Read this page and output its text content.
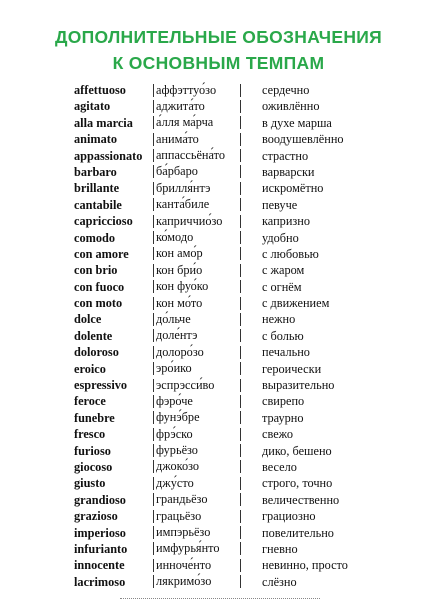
ДОПОЛНИТЕЛЬНЫЕ ОБОЗНАЧЕНИЯ
К ОСНОВНЫМ ТЕМПАМ
affettuoso аффэттуо́зо	сердечно
agitato	аджита́то	оживлённо
alla marcia а́лля ма́рча	в духе марша
animato	анима́то	воодушевлённо
appassionato аппассьёна́то	страстно
barbaro	ба́рбаро	варварски
brillante	брилля́нтэ	искромётно
cantabile	канта́биле	певуче
capriccioso каприччио́зо	капризно
comodo	ко́модо	удобно
con amore кон амо́р	с любовью
con brio	кон бри́о	с жаром
con fuoco	кон фуо́ко	с огнём
con moto	кон мо́то	с движением
dolce	до́льче	нежно
dolente	доле́нтэ	с болью
doloroso	долоро́зо	печально
eroico	эро́ико	героически
espressivo эспрэсси́во	выразительно
feroce	фэро́че	свирепо
funebre	фунэ́бре	траурно
fresco	фрэ́ско	свежо
furioso	фурьёзо	дико, бешено
giocoso	джоко́зо	весело
giusto	джу́сто	строго, точно
grandioso грандьёзо	величественно
grazioso	грацьёзо	грациозно
imperioso импэрьёзо	повелительно
infurianto имфурья́нто	гневно
innocente	инноче́нто	невинно, просто
lacrimoso	лякримо́зо	слёзно
